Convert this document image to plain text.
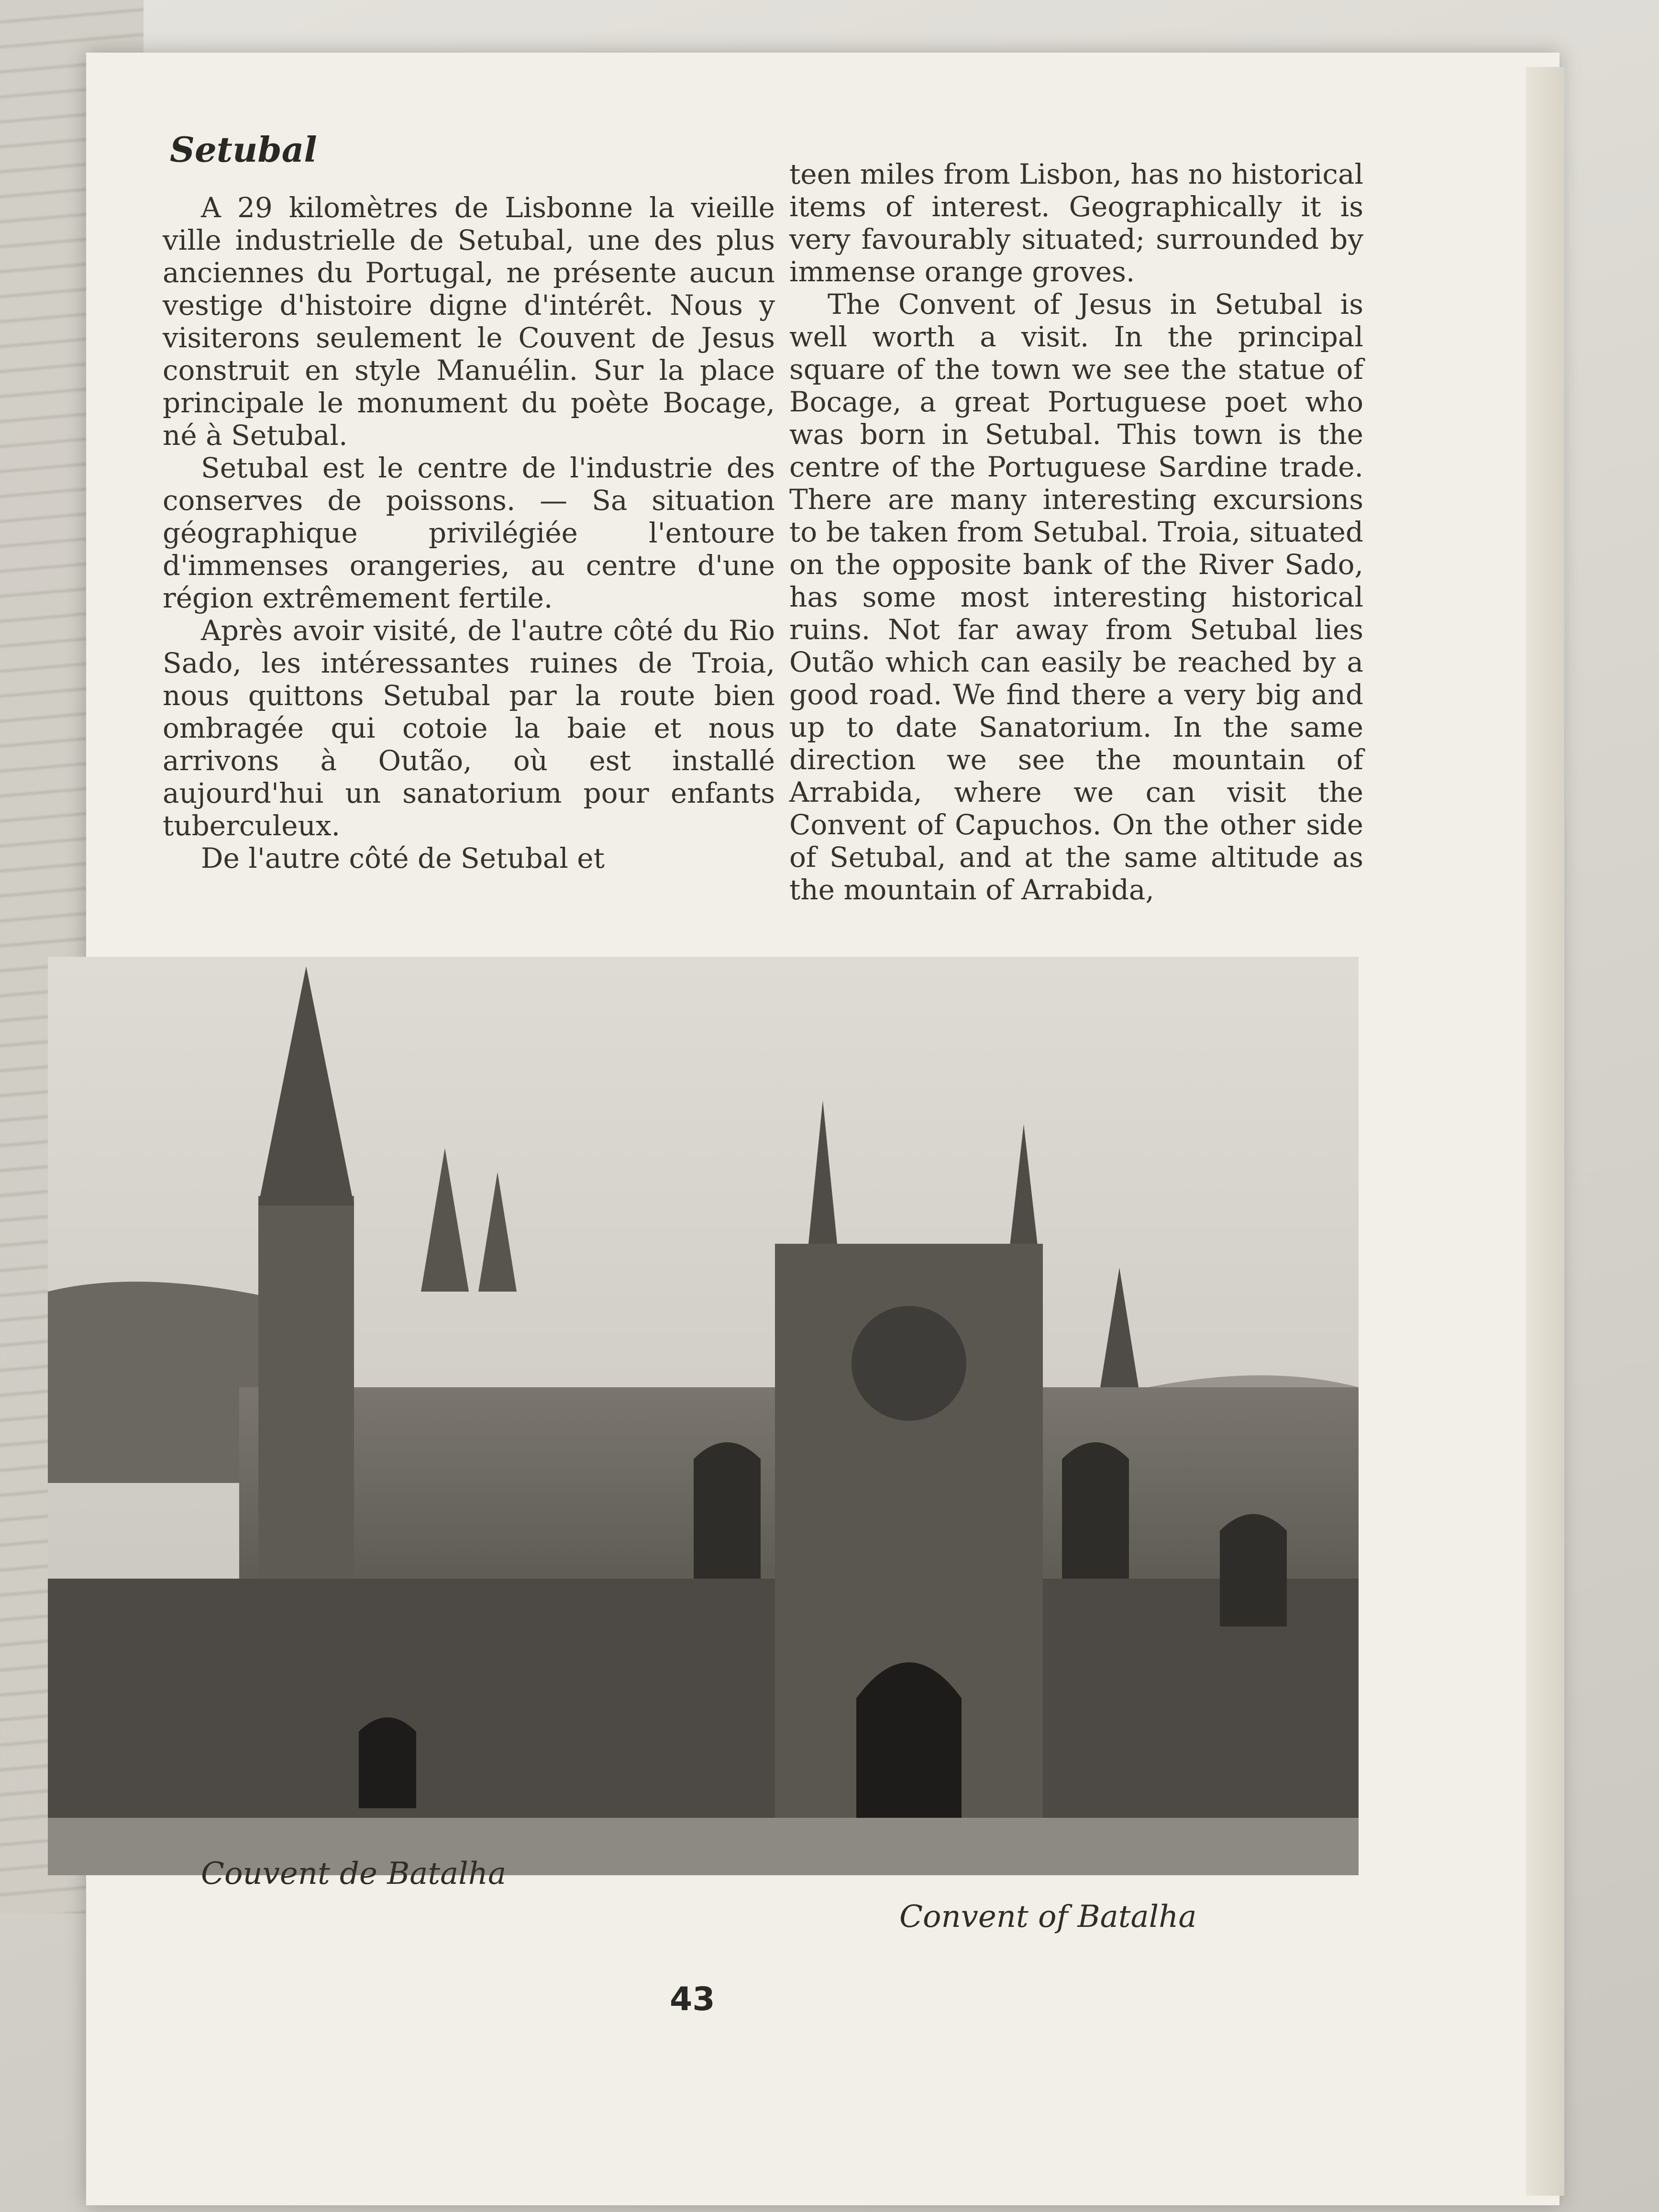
Setubal

A 29 kilomètres de Lisbonne la vieille ville industrielle de Setubal, une des plus anciennes du Portugal, ne présente aucun vestige d'histoire digne d'intérêt. Nous y visiterons seulement le Couvent de Jesus construit en style Manuélin. Sur la place principale le monument du poète Bocage, né à Setubal.

Setubal est le centre de l'industrie des conserves de poissons. — Sa situation géographique privilégiée l'entoure d'immenses orangeries, au centre d'une région extrêmement fertile.

Après avoir visité, de l'autre côté du Rio Sado, les intéressantes ruines de Troia, nous quittons Setubal par la route bien ombragée qui cotoie la baie et nous arrivons à Outão, où est installé aujourd'hui un sanatorium pour enfants tuberculeux.

De l'autre côté de Setubal et

teen miles from Lisbon, has no historical items of interest. Geographically it is very favourably situated; surrounded by immense orange groves.

The Convent of Jesus in Setubal is well worth a visit. In the principal square of the town we see the statue of Bocage, a great Portuguese poet who was born in Setubal. This town is the centre of the Portuguese Sardine trade. There are many interesting excursions to be taken from Setubal. Troia, situated on the opposite bank of the River Sado, has some most interesting historical ruins. Not far away from Setubal lies Outão which can easily be reached by a good road. We find there a very big and up to date Sanatorium. In the same direction we see the mountain of Arrabida, where we can visit the Convent of Capuchos. On the other side of Setubal, and at the same altitude as the mountain of Arrabida,

Couvent de Batalha
Convent of Batalha
43
